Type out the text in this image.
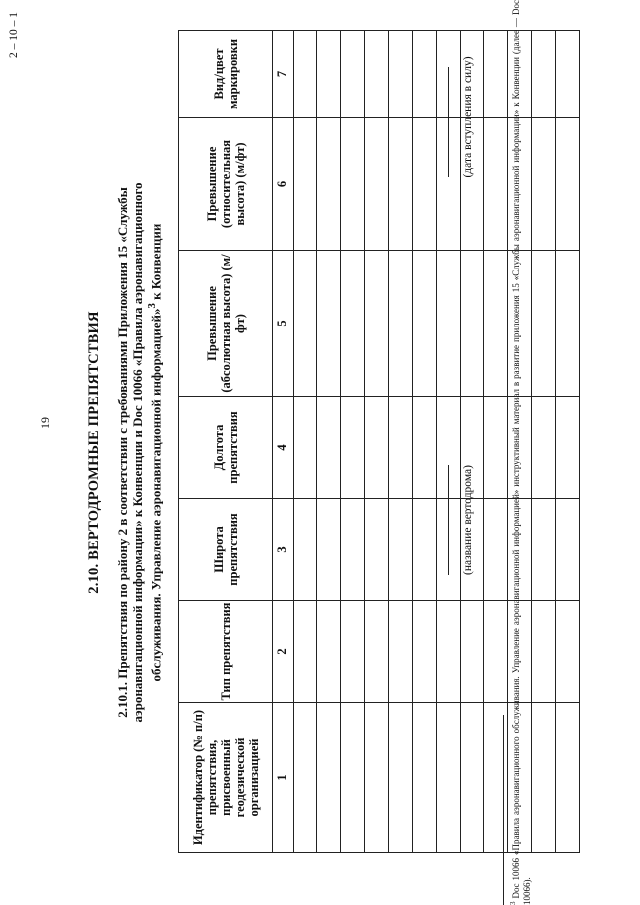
19
2 – 10 – 1
2.10. ВЕРТОДРОМНЫЕ ПРЕПЯТСТВИЯ 2.10.1. Препятствия по району 2 в соответствии с требованиями Приложения 15 «Службы аэронавигационной информации» к Конвенции и Doc 10066 «Правила аэронавигационного обслуживания. Управление аэронавигационной информацией»$^3$ к Конвенции
Идентификатор (№ п/п) препятствия, присвоенный геодезической организацией	Тип препятствия	Широта препятствия	Долгота препятствия	Превышение (абсолютная высота) (м/фт)	Превышение (относительная высота) (м/фт)	Вид/цвет маркировки
1	2	3	4	5	6	7

(название вертодрома)
(дата вступления в силу)
$^3$ Doc 10066 «Правила аэронавигационного обслуживания. Управление аэронавигационной информацией» инструктивный материал в развитие приложения 15 «Службы аэронавигационной информации» к Конвенции (далее — Doc 10066).
